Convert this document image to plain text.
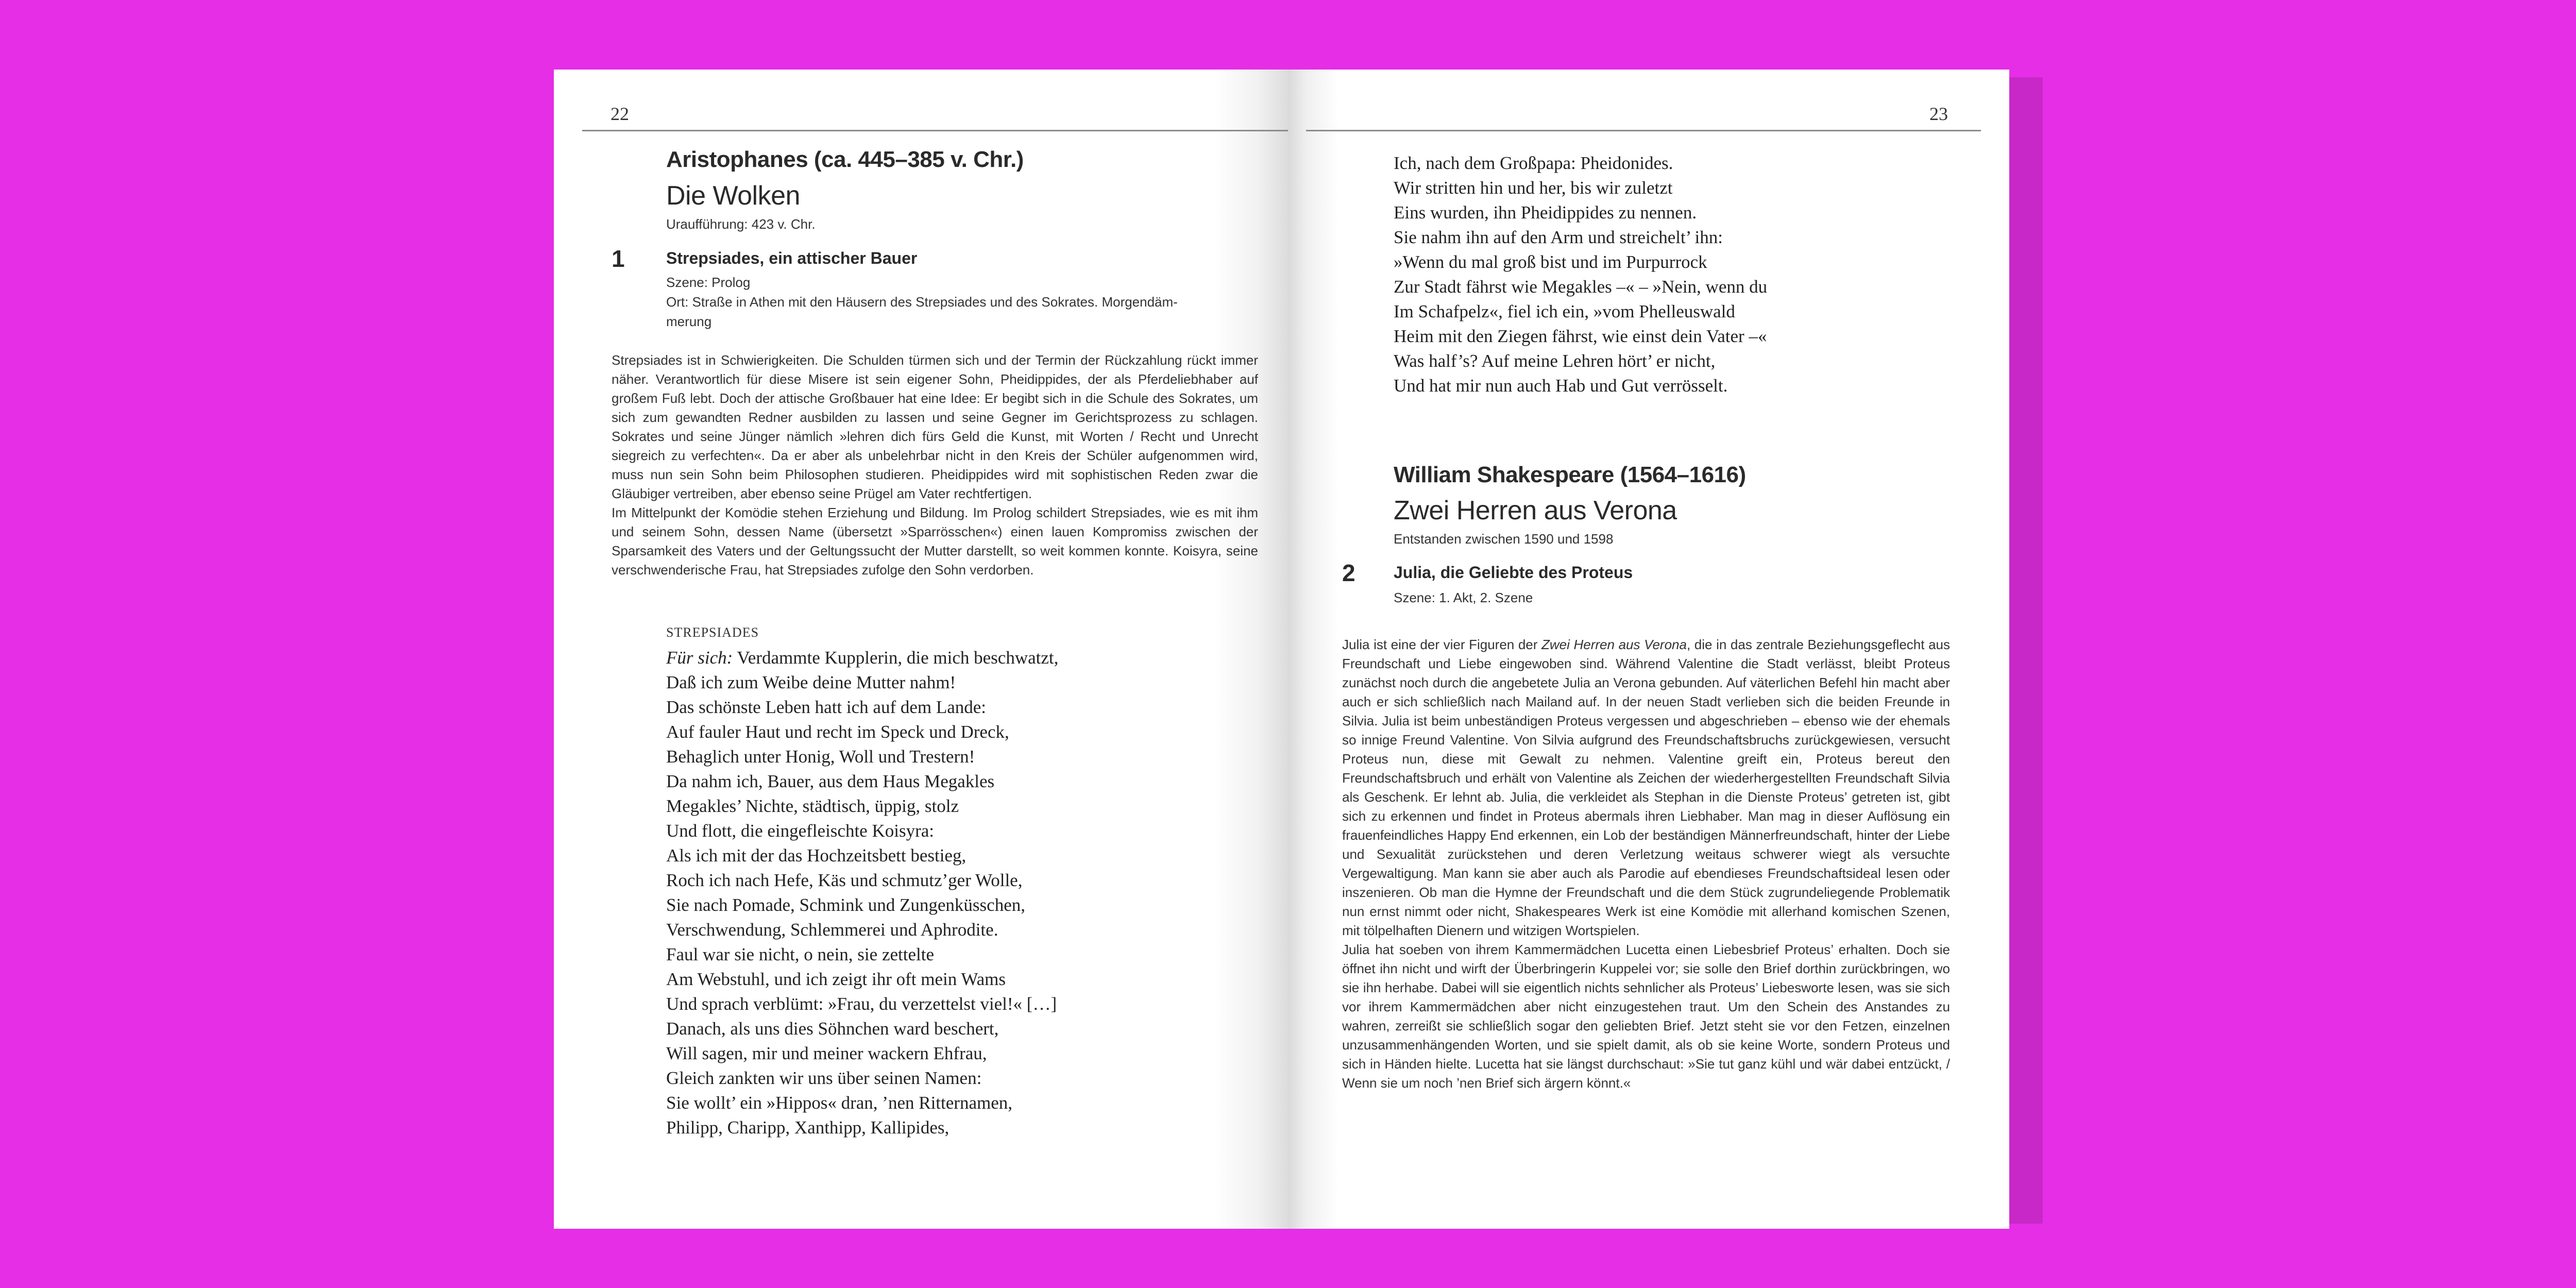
22
Aristophanes (ca. 445–385 v. Chr.)
Die Wolken
Uraufführung: 423 v. Chr.
1	Strepsiades, ein attischer Bauer
Szene: Prolog
Ort: Straße in Athen mit den Häusern des Strepsiades und des Sokrates. Morgendäm-
merung

Strepsiades ist in Schwierigkeiten. Die Schulden türmen sich und der Termin der Rückzahlung rückt immer näher. Verantwortlich für diese Misere ist sein eigener Sohn, Pheidippides, der als Pferdeliebhaber auf großem Fuß lebt. Doch der attische Großbauer hat eine Idee: Er begibt sich in die Schule des Sokrates, um sich zum gewandten Redner ausbilden zu lassen und seine Gegner im Gerichtsprozess zu schlagen. Sokrates und seine Jünger nämlich »lehren dich fürs Geld die Kunst, mit Worten / Recht und Unrecht siegreich zu verfechten«. Da er aber als unbelehrbar nicht in den Kreis der Schüler aufgenommen wird, muss nun sein Sohn beim Philosophen studieren. Pheidippides wird mit sophistischen Reden zwar die Gläubiger vertreiben, aber ebenso seine Prügel am Vater rechtfertigen.

Im Mittelpunkt der Komödie stehen Erziehung und Bildung. Im Prolog schildert Strepsiades, wie es mit ihm und seinem Sohn, dessen Name (übersetzt »Sparrösschen«) einen lauen Kompromiss zwischen der Sparsamkeit des Vaters und der Geltungssucht der Mutter darstellt, so weit kommen konnte. Koisyra, seine verschwenderische Frau, hat Strepsiades zufolge den Sohn verdorben.

STREPSIADES
Für sich: Verdammte Kupplerin, die mich beschwatzt,
Daß ich zum Weibe deine Mutter nahm!
Das schönste Leben hatt ich auf dem Lande:
Auf fauler Haut und recht im Speck und Dreck,
Behaglich unter Honig, Woll und Trestern!
Da nahm ich, Bauer, aus dem Haus Megakles
Megakles’ Nichte, städtisch, üppig, stolz
Und flott, die eingefleischte Koisyra:
Als ich mit der das Hochzeitsbett bestieg,
Roch ich nach Hefe, Käs und schmutz’ger Wolle,
Sie nach Pomade, Schmink und Zungenküsschen,
Verschwendung, Schlemmerei und Aphrodite.
Faul war sie nicht, o nein, sie zettelte
Am Webstuhl, und ich zeigt ihr oft mein Wams
Und sprach verblümt: »Frau, du verzettelst viel!« […]
Danach, als uns dies Söhnchen ward beschert,
Will sagen, mir und meiner wackern Ehfrau,
Gleich zankten wir uns über seinen Namen:
Sie wollt’ ein »Hippos« dran, ’nen Ritternamen,
Philipp, Charipp, Xanthipp, Kallipides,
23
Ich, nach dem Großpapa: Pheidonides.
Wir stritten hin und her, bis wir zuletzt
Eins wurden, ihn Pheidippides zu nennen.
Sie nahm ihn auf den Arm und streichelt’ ihn:
»Wenn du mal groß bist und im Purpurrock
Zur Stadt fährst wie Megakles –« – »Nein, wenn du
Im Schafpelz«, fiel ich ein, »vom Phelleuswald
Heim mit den Ziegen fährst, wie einst dein Vater –«
Was half’s? Auf meine Lehren hört’ er nicht,
Und hat mir nun auch Hab und Gut verrösselt.
William Shakespeare (1564–1616)
Zwei Herren aus Verona
Entstanden zwischen 1590 und 1598
2 Julia, die Geliebte des Proteus
Szene: 1. Akt, 2. Szene

Julia ist eine der vier Figuren der Zwei Herren aus Verona, die in das zentrale Beziehungsgeflecht aus Freundschaft und Liebe eingewoben sind. Während Valentine die Stadt verlässt, bleibt Proteus zunächst noch durch die angebetete Julia an Verona gebunden. Auf väterlichen Befehl hin macht aber auch er sich schließlich nach Mailand auf. In der neuen Stadt verlieben sich die beiden Freunde in Silvia. Julia ist beim unbeständigen Proteus vergessen und abgeschrieben – ebenso wie der ehemals so innige Freund Valentine. Von Silvia aufgrund des Freundschaftsbruchs zurückgewiesen, versucht Proteus nun, diese mit Gewalt zu nehmen. Valentine greift ein, Proteus bereut den Freundschaftsbruch und erhält von Valentine als Zeichen der wiederhergestellten Freundschaft Silvia als Geschenk. Er lehnt ab. Julia, die verkleidet als Stephan in die Dienste Proteus’ getreten ist, gibt sich zu erkennen und findet in Proteus abermals ihren Liebhaber. Man mag in dieser Auflösung ein frauenfeindliches Happy End erkennen, ein Lob der beständigen Männerfreundschaft, hinter der Liebe und Sexualität zurückstehen und deren Verletzung weitaus schwerer wiegt als versuchte Vergewaltigung. Man kann sie aber auch als Parodie auf ebendieses Freundschaftsideal lesen oder inszenieren. Ob man die Hymne der Freundschaft und die dem Stück zugrundeliegende Problematik nun ernst nimmt oder nicht, Shakespeares Werk ist eine Komödie mit allerhand komischen Szenen, mit tölpelhaften Dienern und witzigen Wortspielen.

Julia hat soeben von ihrem Kammermädchen Lucetta einen Liebesbrief Proteus’ erhalten. Doch sie öffnet ihn nicht und wirft der Überbringerin Kuppelei vor; sie solle den Brief dorthin zurückbringen, wo sie ihn herhabe. Dabei will sie eigentlich nichts sehnlicher als Proteus’ Liebesworte lesen, was sie sich vor ihrem Kammermädchen aber nicht einzugestehen traut. Um den Schein des Anstandes zu wahren, zerreißt sie schließlich sogar den geliebten Brief. Jetzt steht sie vor den Fetzen, einzelnen unzusammenhängenden Worten, und sie spielt damit, als ob sie keine Worte, sondern Proteus und sich in Händen hielte. Lucetta hat sie längst durchschaut: »Sie tut ganz kühl und wär dabei entzückt, / Wenn sie um noch ’nen Brief sich ärgern könnt.«
